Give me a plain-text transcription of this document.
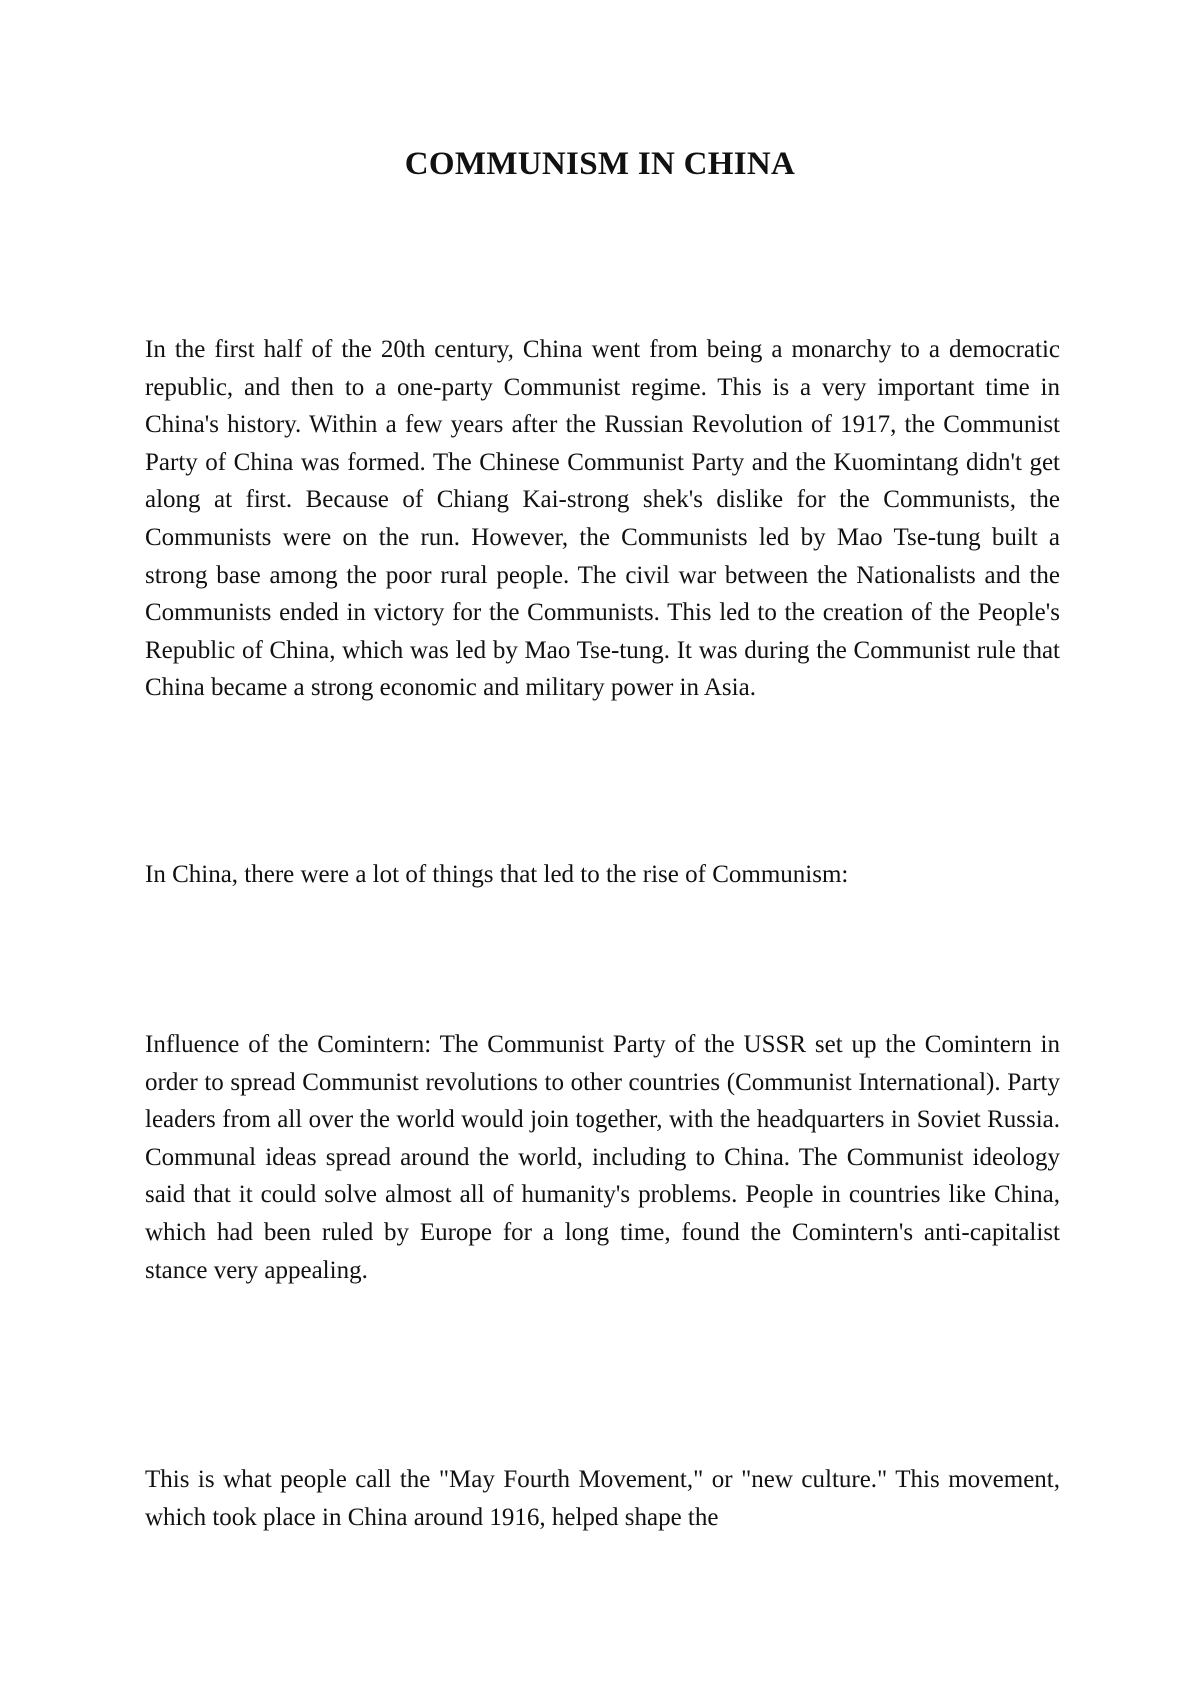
COMMUNISM IN CHINA

In the first half of the 20th century, China went from being a monarchy to a democratic republic, and then to a one-party Communist regime. This is a very important time in China's history. Within a few years after the Russian Revolution of 1917, the Communist Party of China was formed. The Chinese Communist Party and the Kuomintang didn't get along at first. Because of Chiang Kai-strong shek's dislike for the Communists, the Communists were on the run. However, the Communists led by Mao Tse-tung built a strong base among the poor rural people. The civil war between the Nationalists and the Communists ended in victory for the Communists. This led to the creation of the People's Republic of China, which was led by Mao Tse-tung. It was during the Communist rule that China became a strong economic and military power in Asia.

In China, there were a lot of things that led to the rise of Communism:

Influence of the Comintern: The Communist Party of the USSR set up the Comintern in order to spread Communist revolutions to other countries (Communist International). Party leaders from all over the world would join together, with the headquarters in Soviet Russia. Communal ideas spread around the world, including to China. The Communist ideology said that it could solve almost all of humanity's problems. People in countries like China, which had been ruled by Europe for a long time, found the Comintern's anti-capitalist stance very appealing.

This is what people call the "May Fourth Movement," or "new culture." This movement, which took place in China around 1916, helped shape the
